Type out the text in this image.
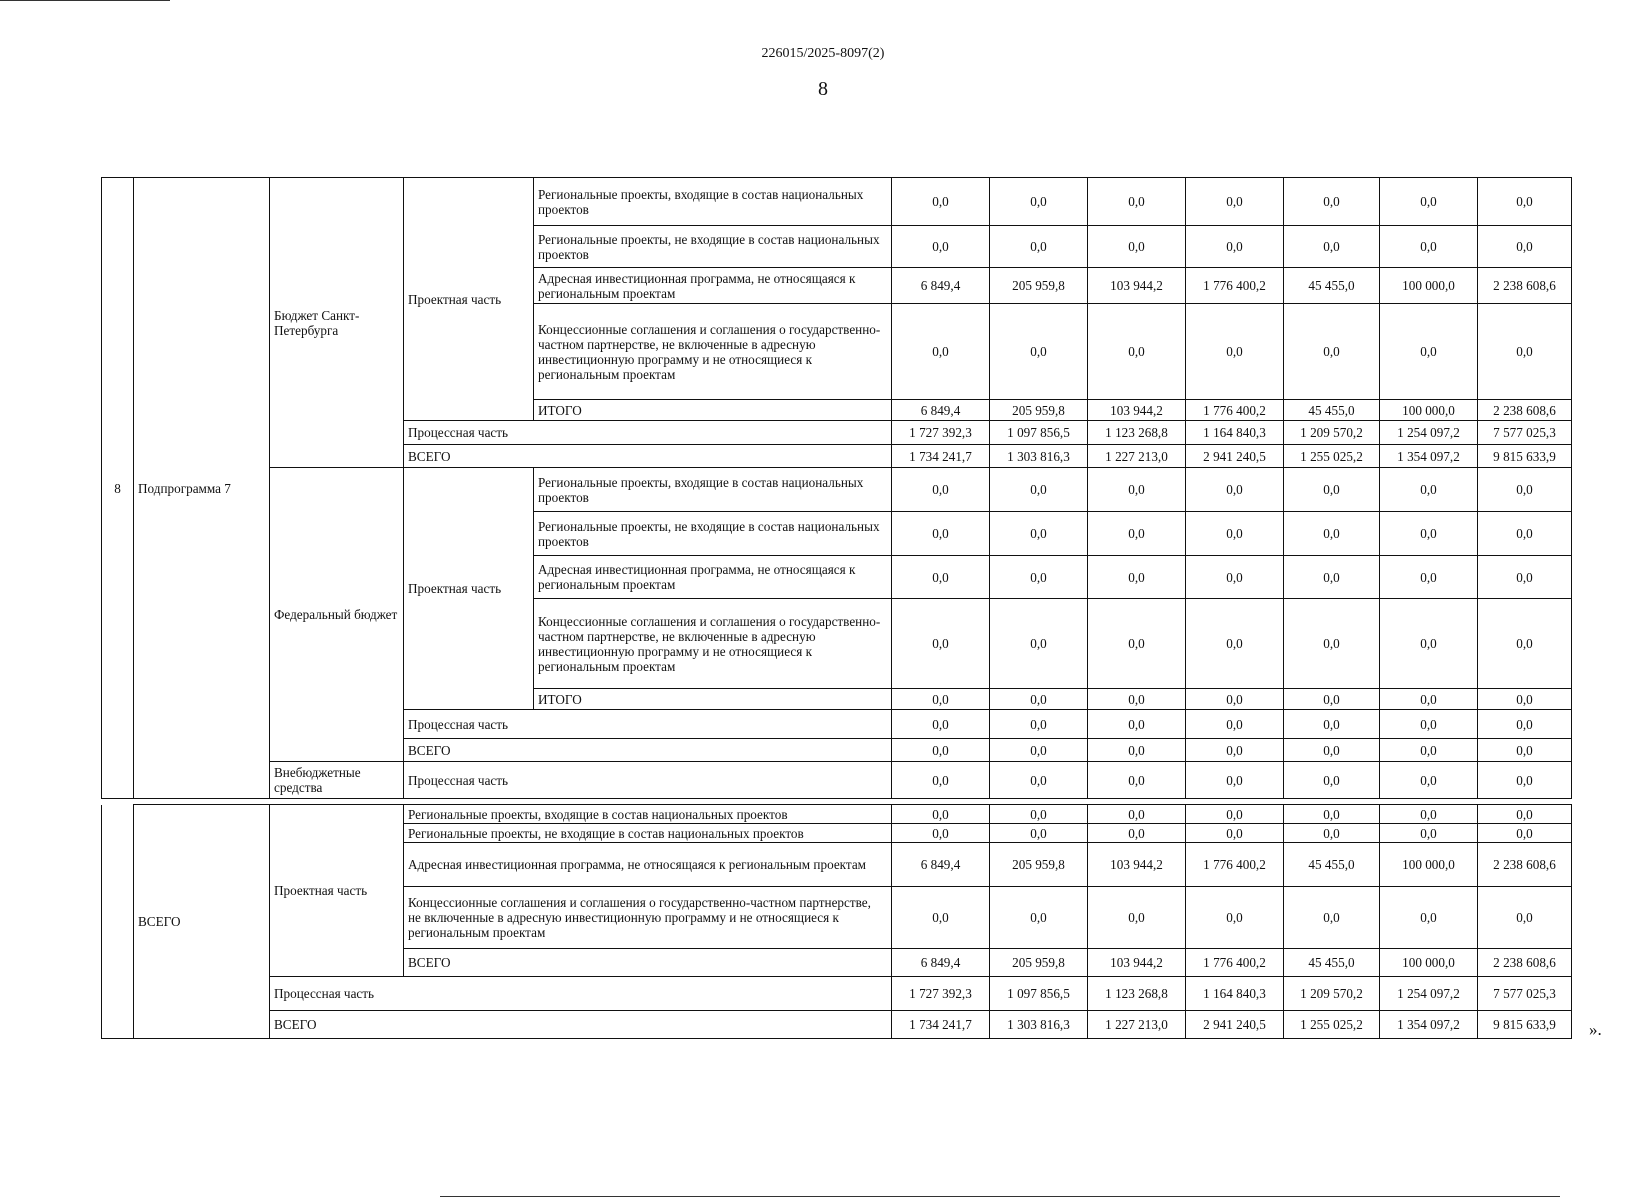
226015/2025-8097(2)
8
8	Подпрограмма 7	Бюджет Санкт-Петербурга	Проектная часть	Региональные проекты, входящие в состав национальных проектов	0,0	0,0	0,0	0,0	0,0	0,0	0,0
				Региональные проекты, не входящие в состав национальных проектов	0,0	0,0	0,0	0,0	0,0	0,0	0,0
				Адресная инвестиционная программа, не относящаяся к региональным проектам	6 849,4	205 959,8	103 944,2	1 776 400,2	45 455,0	100 000,0	2 238 608,6
				Концессионные соглашения и соглашения о государственно-частном партнерстве, не включенные в адресную инвестиционную программу и не относящиеся к региональным проектам	0,0	0,0	0,0	0,0	0,0	0,0	0,0
				ИТОГО	6 849,4	205 959,8	103 944,2	1 776 400,2	45 455,0	100 000,0	2 238 608,6
			Процессная часть		1 727 392,3	1 097 856,5	1 123 268,8	1 164 840,3	1 209 570,2	1 254 097,2	7 577 025,3
			ВСЕГО		1 734 241,7	1 303 816,3	1 227 213,0	2 941 240,5	1 255 025,2	1 354 097,2	9 815 633,9
		Федеральный бюджет	Проектная часть	Региональные проекты, входящие в состав национальных проектов	0,0	0,0	0,0	0,0	0,0	0,0	0,0
				Региональные проекты, не входящие в состав национальных проектов	0,0	0,0	0,0	0,0	0,0	0,0	0,0
				Адресная инвестиционная программа, не относящаяся к региональным проектам	0,0	0,0	0,0	0,0	0,0	0,0	0,0
				Концессионные соглашения и соглашения о государственно-частном партнерстве, не включенные в адресную инвестиционную программу и не относящиеся к региональным проектам	0,0	0,0	0,0	0,0	0,0	0,0	0,0
				ИТОГО	0,0	0,0	0,0	0,0	0,0	0,0	0,0
			Процессная часть		0,0	0,0	0,0	0,0	0,0	0,0	0,0
			ВСЕГО		0,0	0,0	0,0	0,0	0,0	0,0	0,0
		Внебюджетные средства	Процессная часть		0,0	0,0	0,0	0,0	0,0	0,0	0,0
	ВСЕГО	Проектная часть	Региональные проекты, входящие в состав национальных проектов	0,0	0,0	0,0	0,0	0,0	0,0	0,0
			Региональные проекты, не входящие в состав национальных проектов	0,0	0,0	0,0	0,0	0,0	0,0	0,0
			Адресная инвестиционная программа, не относящаяся к региональным проектам	6 849,4	205 959,8	103 944,2	1 776 400,2	45 455,0	100 000,0	2 238 608,6
			Концессионные соглашения и соглашения о государственно-частном партнерстве, не включенные в адресную инвестиционную программу и не относящиеся к региональным проектам	0,0	0,0	0,0	0,0	0,0	0,0	0,0
			ВСЕГО	6 849,4	205 959,8	103 944,2	1 776 400,2	45 455,0	100 000,0	2 238 608,6
		Процессная часть		1 727 392,3	1 097 856,5	1 123 268,8	1 164 840,3	1 209 570,2	1 254 097,2	7 577 025,3
		ВСЕГО		1 734 241,7	1 303 816,3	1 227 213,0	2 941 240,5	1 255 025,2	1 354 097,2	9 815 633,9 ».
